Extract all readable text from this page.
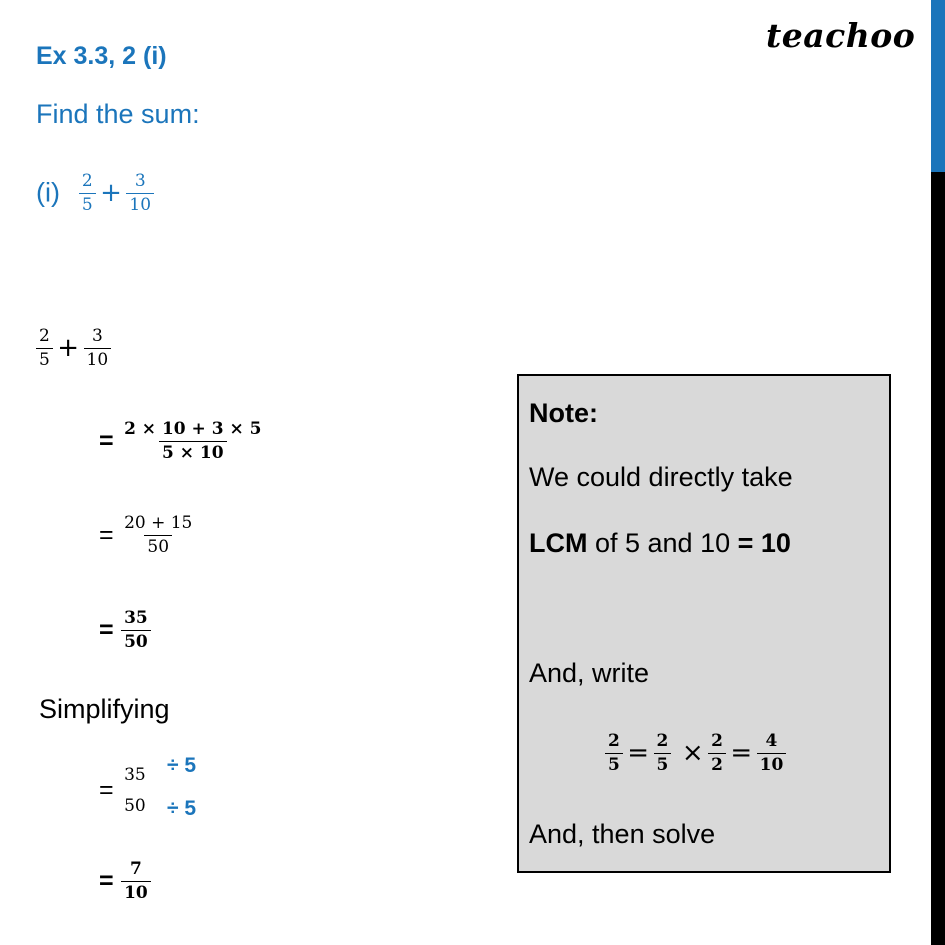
Ex 3.3, 2 (i)
teachoo
Find the sum:
$(i) \frac{2}{5} + \frac{3}{10}$
$\frac{2}{5} + \frac{3}{10}$
= $\frac{2 \times 10 + 3 \times 5}{5 \times 10}$
= $\frac{20 + 15}{50}$
= $\frac{35}{50}$
Simplifying
=
35
50
÷ 5
÷ 5
= $\frac{7}{10}$
Note:
We could directly take
LCM of 5 and 10 = 10
And, write
$\frac{2}{5} = \frac{2}{5} \times \frac{2}{2} = \frac{4}{10}$
And, then solve
